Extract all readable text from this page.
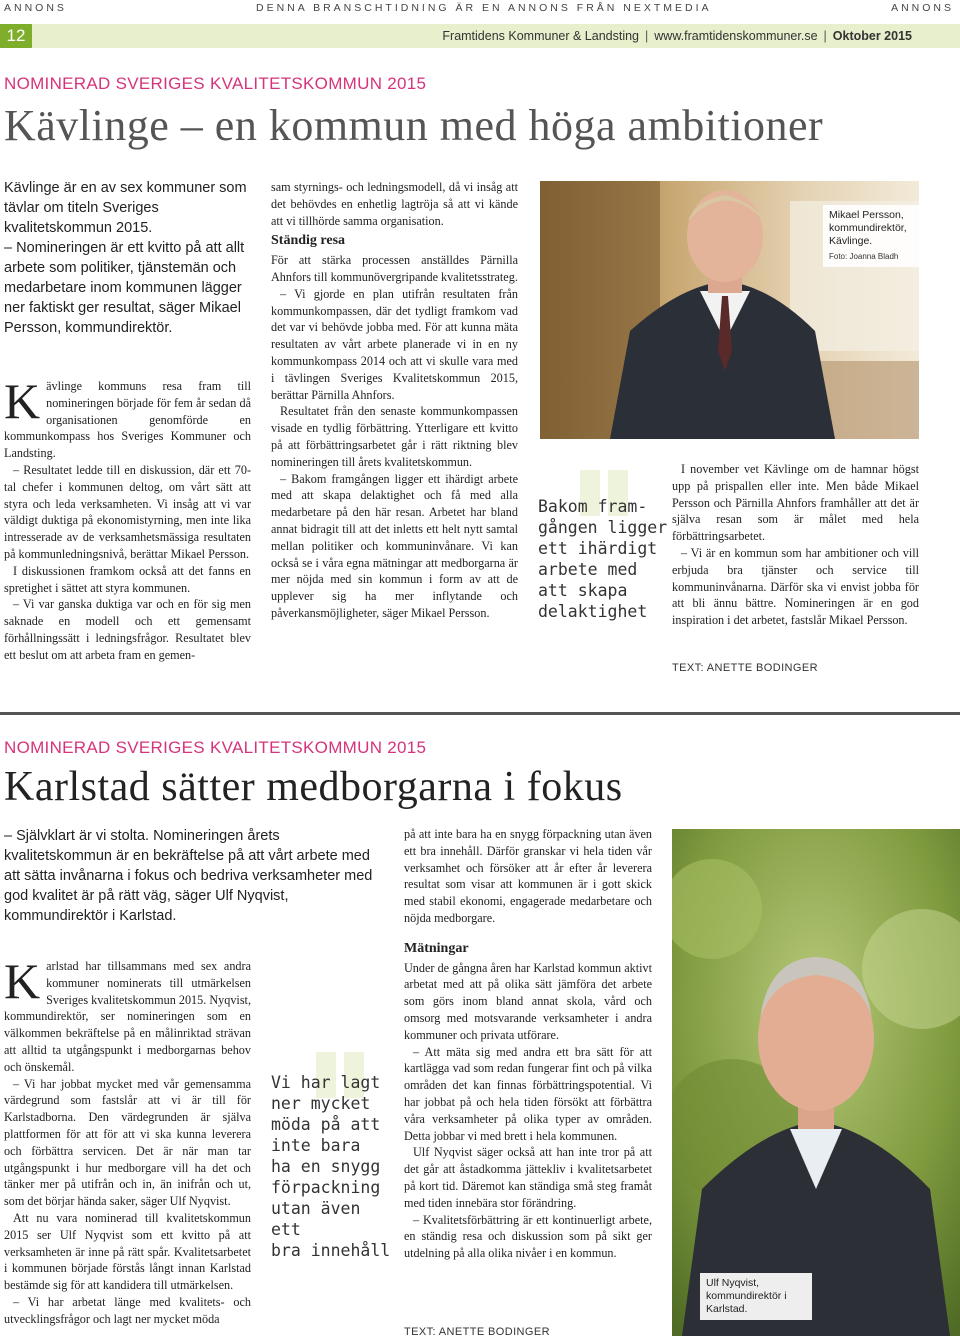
ANNONS	DENNA BRANSCHTIDNING ÄR EN ANNONS FRÅN NEXTMEDIA	ANNONS
12	Framtidens Kommuner & Landsting | www.framtidenskommuner.se | Oktober 2015
NOMINERAD SVERIGES KVALITETSKOMMUN 2015
Kävlinge – en kommun med höga ambitioner

Kävlinge är en av sex kommuner som tävlar om titeln Sveriges kvalitetskommun 2015.

– Nomineringen är ett kvitto på att allt arbete som politiker, tjänstemän och medarbetare inom kommunen lägger ner faktiskt ger resultat, säger Mikael Persson, kommundirektör.

Kävlinge kommuns resa fram till nomineringen började för fem år sedan då organisationen genomförde en kommunkompass hos Sveriges Kommuner och Landsting.

– Resultatet ledde till en diskussion, där ett 70-tal chefer i kommunen deltog, om vårt sätt att styra och leda verksamheten. Vi insåg att vi var väldigt duktiga på ekonomistyrning, men inte lika intresserade av de verksamhetsmässiga resultaten på kommunledningsnivå, berättar Mikael Persson.

I diskussionen framkom också att det fanns en spretighet i sättet att styra kommunen.

– Vi var ganska duktiga var och en för sig men saknade en modell och ett gemensamt förhållningssätt i ledningsfrågor. Resultatet blev ett beslut om att arbeta fram en gemen-

sam styrnings- och ledningsmodell, då vi insåg att det behövdes en enhetlig lagtröja så att vi kände att vi tillhörde samma organisation.

Ständig resa

För att stärka processen anställdes Pärnilla Ahnfors till kommunövergripande kvalitetsstrateg.

– Vi gjorde en plan utifrån resultaten från kommunkompassen, där det tydligt framkom vad det var vi behövde jobba med. För att kunna mäta resultaten av vårt arbete planerade vi in en ny kommunkompass 2014 och att vi skulle vara med i tävlingen Sveriges Kvalitetskommun 2015, berättar Pärnilla Ahnfors.

Resultatet från den senaste kommunkompassen visade en tydlig förbättring. Ytterligare ett kvitto på att förbättringsarbetet går i rätt riktning blev nomineringen till årets kvalitetskommun.

– Bakom framgången ligger ett ihärdigt arbete med att skapa delaktighet och få med alla medarbetare på den här resan. Arbetet har bland annat bidragit till att det inletts ett helt nytt samtal mellan politiker och kommuninvånare. Vi kan också se i våra egna mätningar att medborgarna är mer nöjda med sin kommun i form av att de upplever sig ha mer inflytande och påverkansmöjligheter, säger Mikael Persson.

Mikael Persson, kommundirektör, Kävlinge.
Foto: Joanna Bladh
Bakom fram-
gången ligger
ett ihärdigt
arbete med
att skapa
delaktighet

I november vet Kävlinge om de hamnar högst upp på prispallen eller inte. Men både Mikael Persson och Pärnilla Ahnfors framhåller att det är själva resan som är målet med hela förbättringsarbetet.

– Vi är en kommun som har ambitioner och vill erbjuda bra tjänster och service till kommuninvånarna. Därför ska vi envist jobba för att bli ännu bättre. Nomineringen är en god inspiration i det arbetet, fastslår Mikael Persson.

TEXT: ANETTE BODINGER
NOMINERAD SVERIGES KVALITETSKOMMUN 2015
Karlstad sätter medborgarna i fokus

– Självklart är vi stolta. Nomineringen årets kvalitetskommun är en bekräftelse på att vårt arbete med att sätta invånarna i fokus och bedriva verksamheter med god kvalitet är på rätt väg, säger Ulf Nyqvist, kommundirektör i Karlstad.

Karlstad har tillsammans med sex andra kommuner nominerats till utmärkelsen Sveriges kvalitetskommun 2015. Nyqvist, kommundirektör, ser nomineringen som en välkommen bekräftelse på en målinriktad strävan att alltid ta utgångspunkt i medborgarnas behov och önskemål.

– Vi har jobbat mycket med vår gemensamma värdegrund som fastslår att vi är till för Karlstadborna. Den värdegrunden är själva plattformen för att för att vi ska kunna leverera och förbättra servicen. Det är när man tar utgångspunkt i hur medborgare vill ha det och tänker mer på utifrån och in, än inifrån och ut, som det börjar hända saker, säger Ulf Nyqvist.

Att nu vara nominerad till kvalitetskommun 2015 ser Ulf Nyqvist som ett kvitto på att verksamheten är inne på rätt spår. Kvalitetsarbetet i kommunen började förstås långt innan Karlstad bestämde sig för att kandidera till utmärkelsen.

– Vi har arbetat länge med kvalitets- och utvecklingsfrågor och lagt ner mycket möda

Vi har lagt
ner mycket
möda på att
inte bara
ha en snygg
förpackning
utan även ett
bra innehåll

på att inte bara ha en snygg förpackning utan även ett bra innehåll. Därför granskar vi hela tiden vår verksamhet och försöker att år efter år leverera resultat som visar att kommunen är i gott skick med stabil ekonomi, engagerade medarbetare och nöjda medborgare.

Mätningar

Under de gångna åren har Karlstad kommun aktivt arbetat med att på olika sätt jämföra det arbete som görs inom bland annat skola, vård och omsorg med motsvarande verksamheter i andra kommuner och privata utförare.

– Att mäta sig med andra ett bra sätt för att kartlägga vad som redan fungerar fint och på vilka områden det kan finnas förbättringspotential. Vi har jobbat på och hela tiden försökt att förbättra våra verksamheter på olika typer av områden. Detta jobbar vi med brett i hela kommunen.

Ulf Nyqvist säger också att han inte tror på att det går att åstadkomma jättekliv i kvalitetsarbetet på kort tid. Däremot kan ständiga små steg framåt med tiden innebära stor förändring.

– Kvalitetsförbättring är ett kontinuerligt arbete, en ständig resa och diskussion som på sikt ger utdelning på alla olika nivåer i en kommun.

TEXT: ANETTE BODINGER
Ulf Nyqvist, kommundirektör i Karlstad.
